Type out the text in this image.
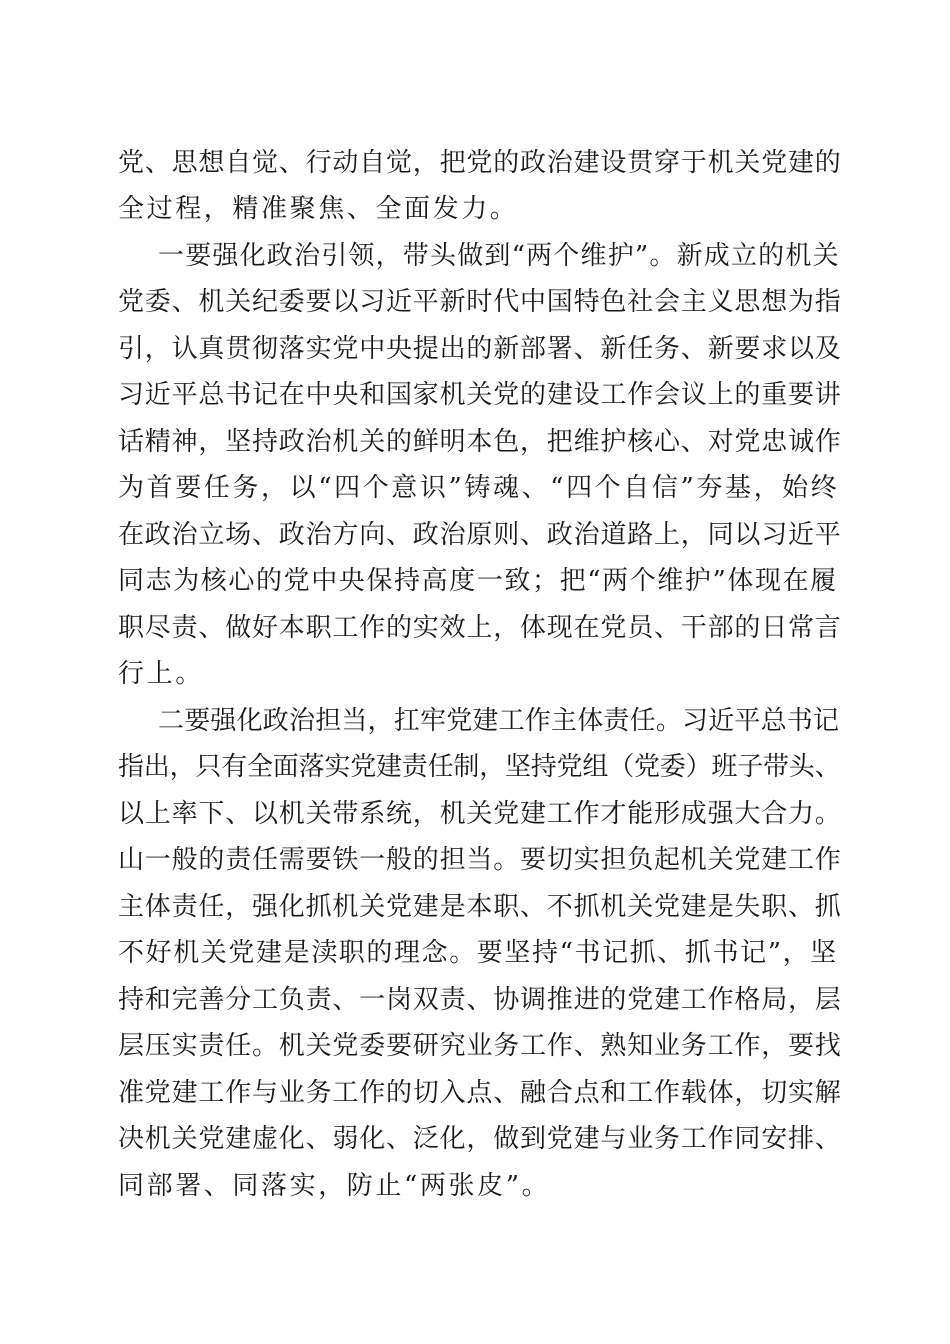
党、思想自觉、行动自觉，把党的政治建设贯穿于机关党建的
全过程，精准聚焦、全面发力。
一要强化政治引领，带头做到“两个维护”。新成立的机关
党委、机关纪委要以习近平新时代中国特色社会主义思想为指
引，认真贯彻落实党中央提出的新部署、新任务、新要求以及
习近平总书记在中央和国家机关党的建设工作会议上的重要讲
话精神，坚持政治机关的鲜明本色，把维护核心、对党忠诚作
为首要任务，以“四个意识”铸魂、“四个自信”夯基，始终
在政治立场、政治方向、政治原则、政治道路上，同以习近平
同志为核心的党中央保持高度一致；把“两个维护”体现在履
职尽责、做好本职工作的实效上，体现在党员、干部的日常言
行上。
二要强化政治担当，扛牢党建工作主体责任。习近平总书记
指出，只有全面落实党建责任制，坚持党组（党委）班子带头、
以上率下、以机关带系统，机关党建工作才能形成强大合力。
山一般的责任需要铁一般的担当。要切实担负起机关党建工作
主体责任，强化抓机关党建是本职、不抓机关党建是失职、抓
不好机关党建是渎职的理念。要坚持“书记抓、抓书记”，坚
持和完善分工负责、一岗双责、协调推进的党建工作格局，层
层压实责任。机关党委要研究业务工作、熟知业务工作，要找
准党建工作与业务工作的切入点、融合点和工作载体，切实解
决机关党建虚化、弱化、泛化，做到党建与业务工作同安排、
同部署、同落实，防止“两张皮”。
